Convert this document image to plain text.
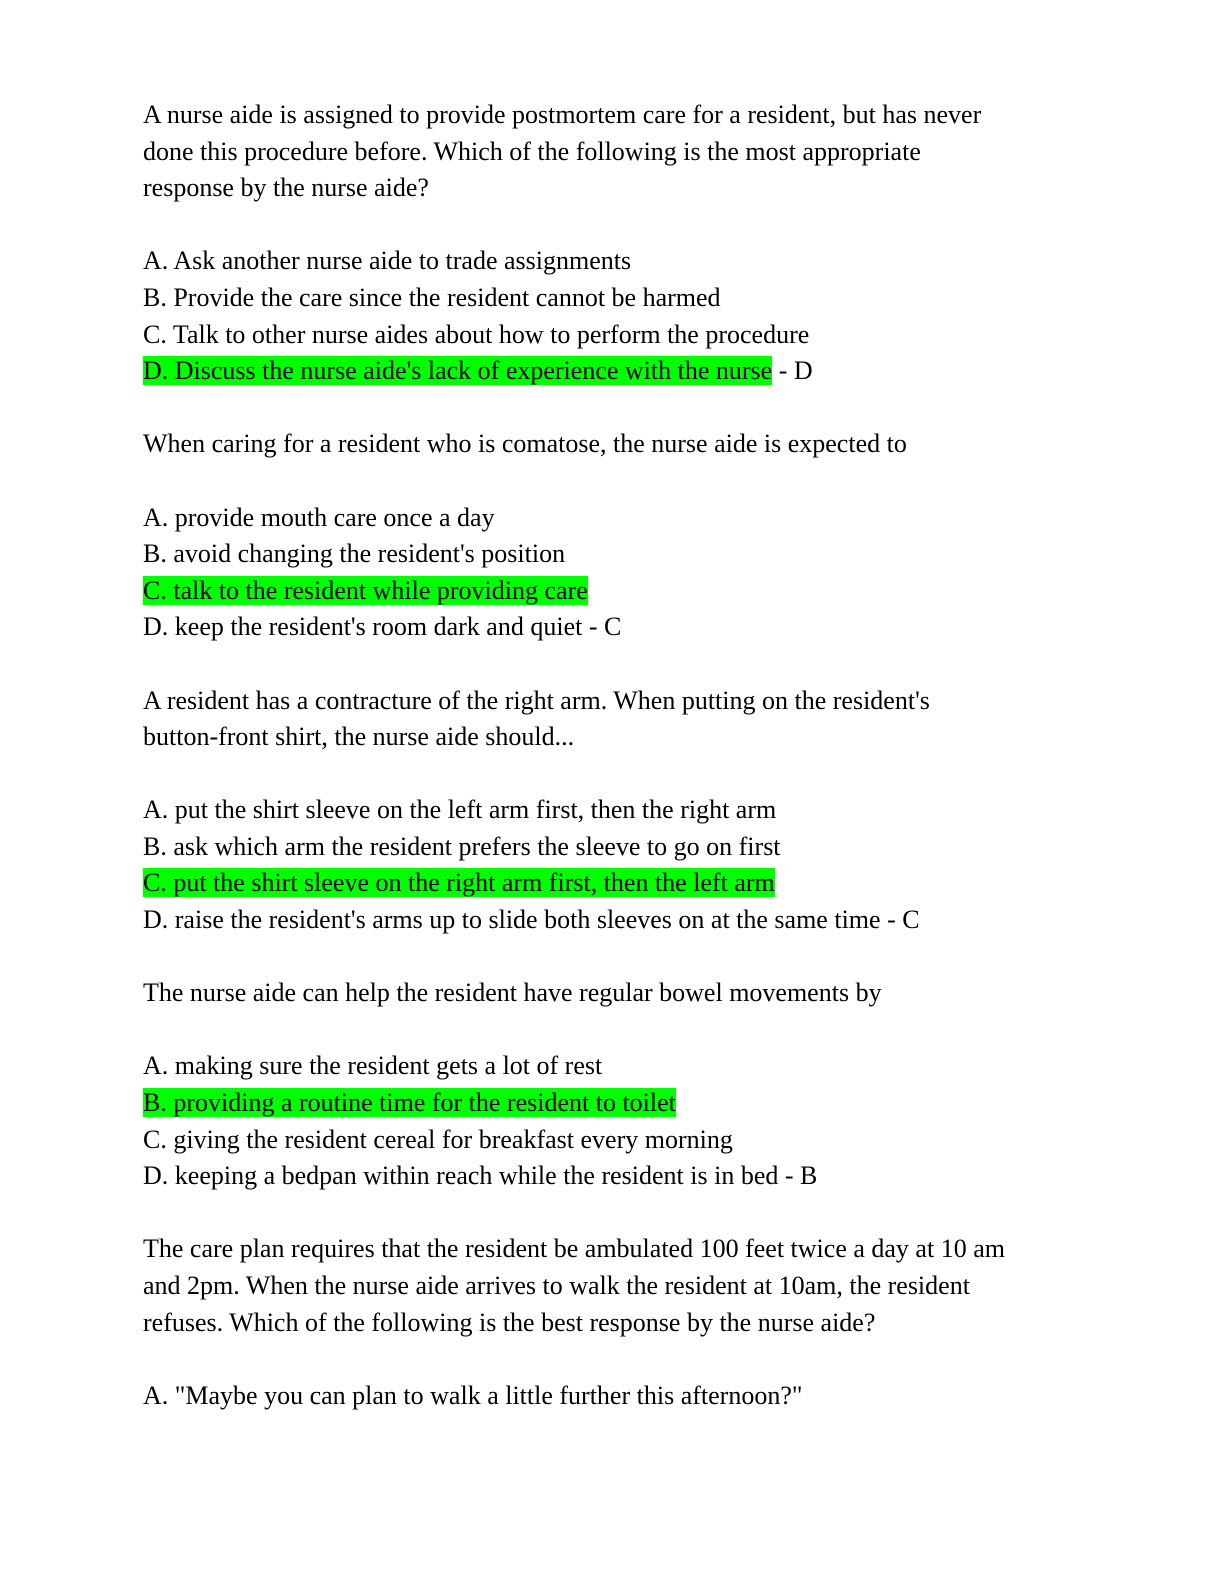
A nurse aide is assigned to provide postmortem care for a resident, but has never
done this procedure before. Which of the following is the most appropriate
response by the nurse aide?
A. Ask another nurse aide to trade assignments
B. Provide the care since the resident cannot be harmed
C. Talk to other nurse aides about how to perform the procedure
D. Discuss the nurse aide's lack of experience with the nurse - D
When caring for a resident who is comatose, the nurse aide is expected to
A. provide mouth care once a day
B. avoid changing the resident's position
C. talk to the resident while providing care
D. keep the resident's room dark and quiet - C
A resident has a contracture of the right arm. When putting on the resident's
button-front shirt, the nurse aide should...
A. put the shirt sleeve on the left arm first, then the right arm
B. ask which arm the resident prefers the sleeve to go on first
C. put the shirt sleeve on the right arm first, then the left arm
D. raise the resident's arms up to slide both sleeves on at the same time - C
The nurse aide can help the resident have regular bowel movements by
A. making sure the resident gets a lot of rest
B. providing a routine time for the resident to toilet
C. giving the resident cereal for breakfast every morning
D. keeping a bedpan within reach while the resident is in bed - B
The care plan requires that the resident be ambulated 100 feet twice a day at 10 am
and 2pm. When the nurse aide arrives to walk the resident at 10am, the resident
refuses. Which of the following is the best response by the nurse aide?
A. "Maybe you can plan to walk a little further this afternoon?"
